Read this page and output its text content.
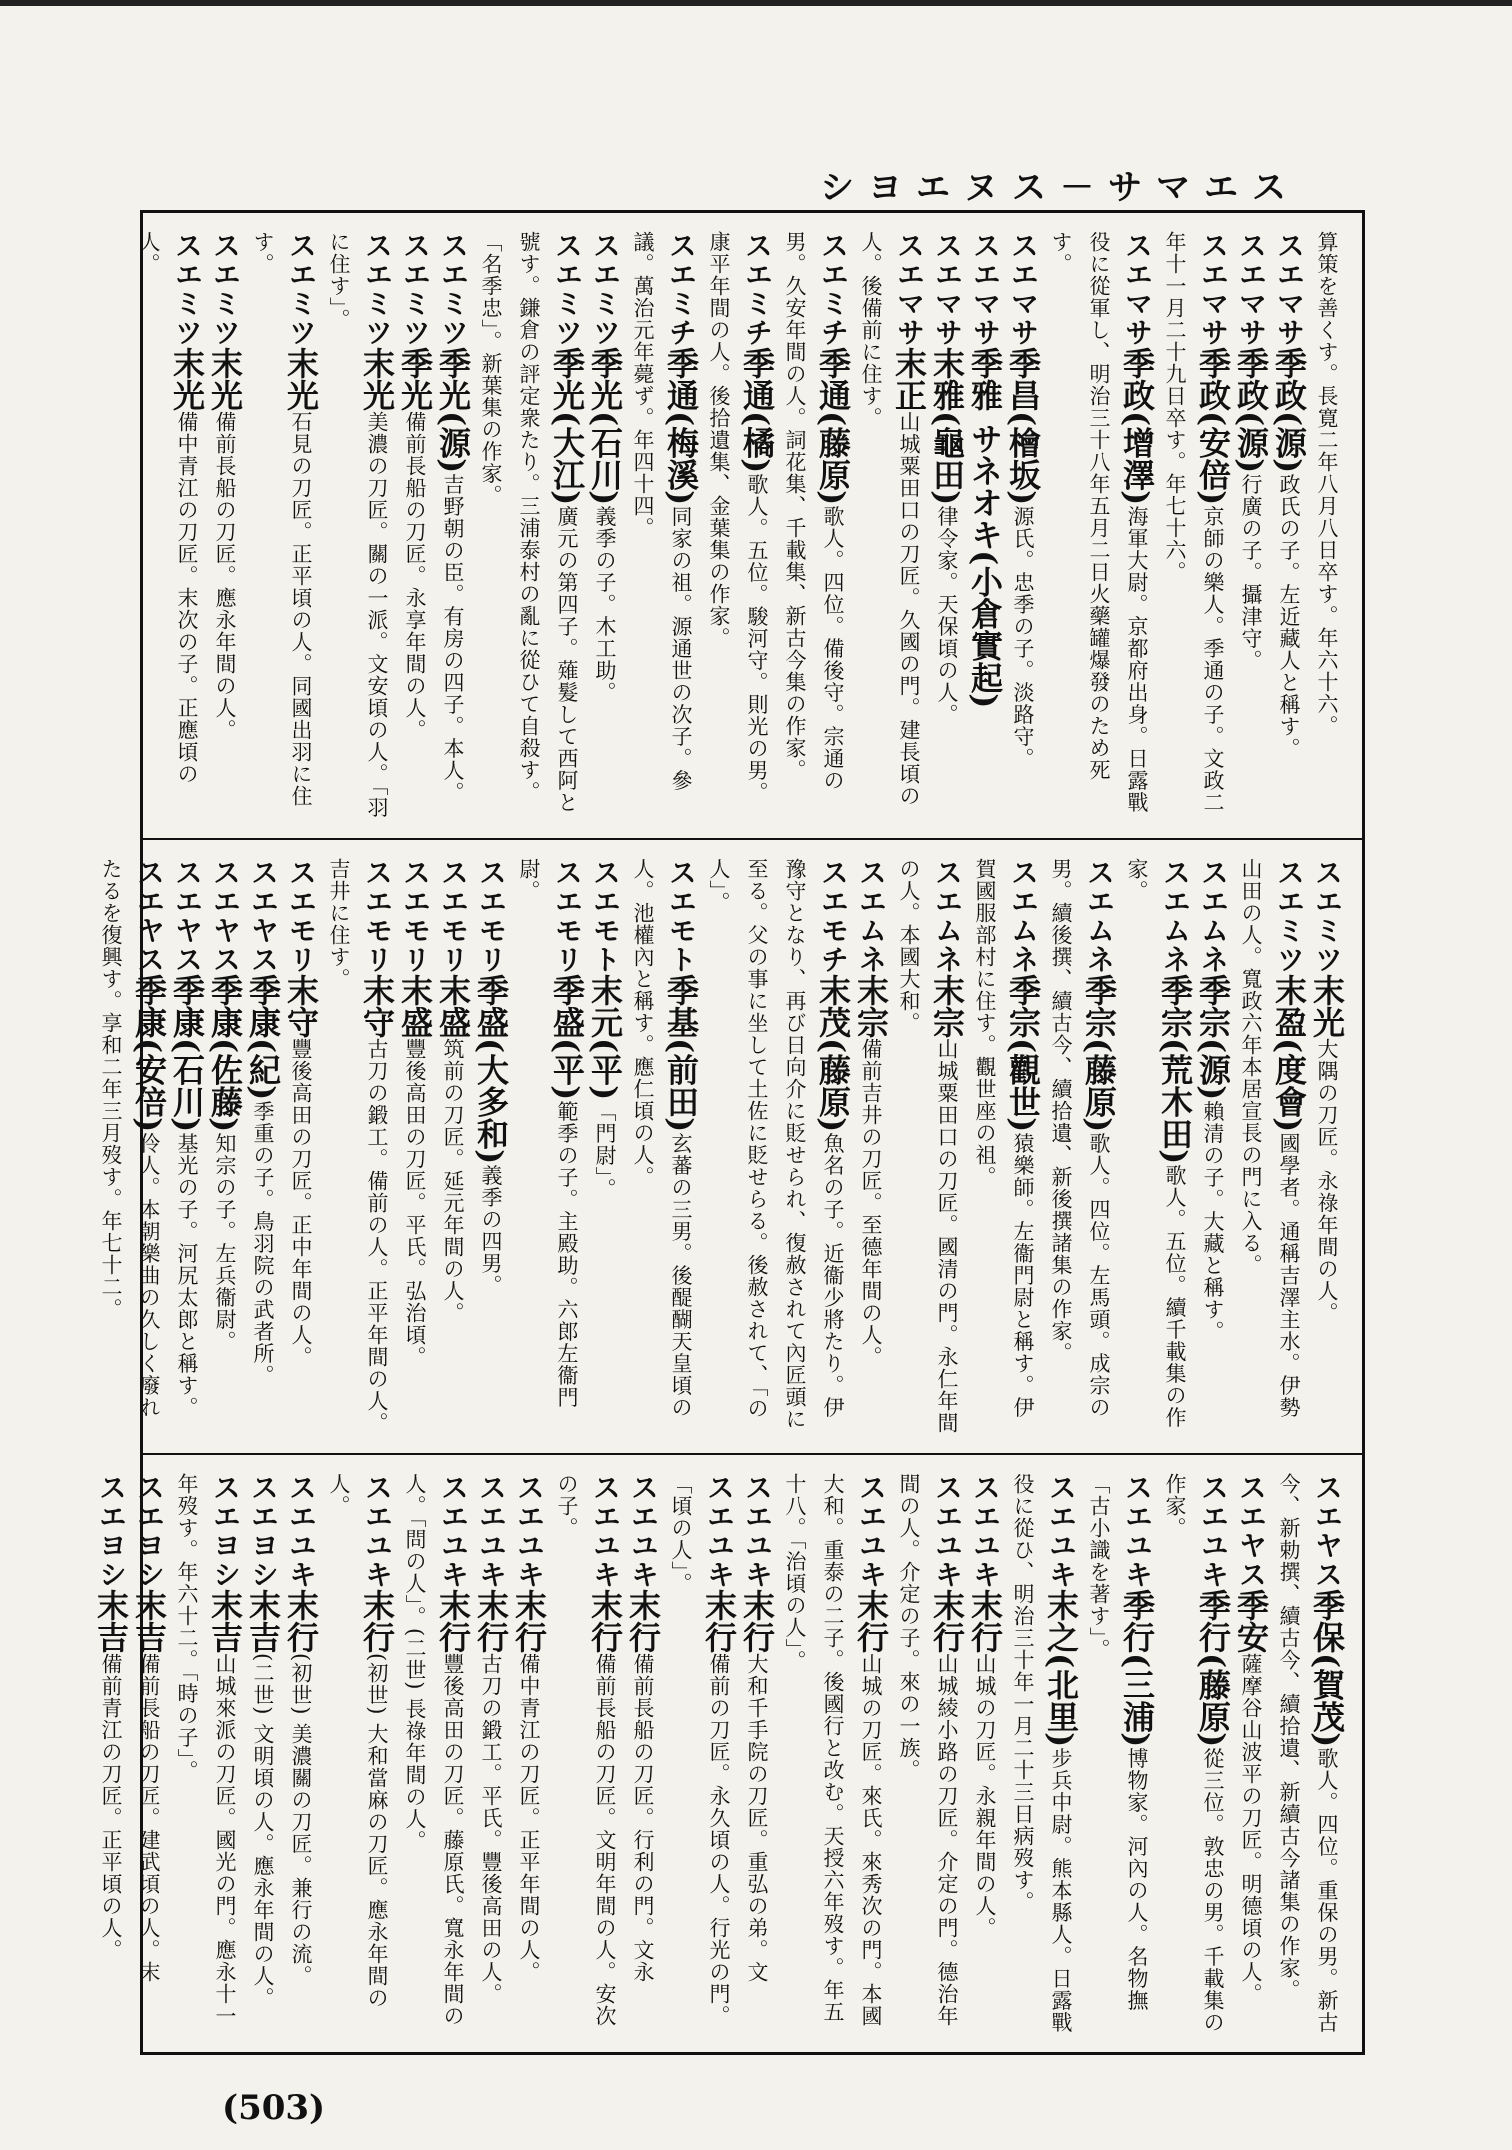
シヨエヌス－サマエス
算策を善くす。長寛二年八月八日卒す。年六十六。
スエマサ季政(源)政氏の子。左近藏人と稱す。
スエマサ季政(源)行廣の子。攝津守。
スエマサ季政(安倍)京師の樂人。季通の子。文政二年十一月二十九日卒す。年七十六。
スエマサ季政(增澤)海軍大尉。京都府出身。日露戰役に從軍し、明治三十八年五月二日火藥罐爆發のため死す。
スエマサ季昌(檜坂)源氏。忠季の子。淡路守。
スエマサ季雅 サネオキ(小倉實起)
スエマサ末雅(龜田)律令家。天保頃の人。
スエマサ末正山城粟田口の刀匠。久國の門。建長頃の人。後備前に住す。
スエミチ季通(藤原)歌人。四位。備後守。宗通の男。久安年間の人。詞花集、千載集、新古今集の作家。
スエミチ季通(橘)歌人。五位。駿河守。則光の男。康平年間の人。後拾遺集、金葉集の作家。
スエミチ季通(梅溪)同家の祖。源通世の次子。參議。萬治元年薨ず。年四十四。
スエミツ季光(石川)義季の子。木工助。
スエミツ季光(大江)廣元の第四子。薙髮して西阿と號す。鎌倉の評定衆たり。三浦泰村の亂に從ひて自殺す。「名季忠」。新葉集の作家。
スエミツ季光(源)吉野朝の臣。有房の四子。本人。
スエミツ季光備前長船の刀匠。永享年間の人。
スエミツ末光美濃の刀匠。關の一派。文安頃の人。「羽に住す」。
スエミツ末光石見の刀匠。正平頃の人。同國出羽に住す。
スエミツ末光備前長船の刀匠。應永年間の人。
スエミツ末光備中青江の刀匠。末次の子。正應頃の人。
スエミツ末光大隅の刀匠。永祿年間の人。
スエミツ末盈(度會)國學者。通稱吉澤主水。伊勢山田の人。寬政六年本居宣長の門に入る。
スエムネ季宗(源)賴清の子。大藏と稱す。
スエムネ季宗(荒木田)歌人。五位。續千載集の作家。
スエムネ季宗(藤原)歌人。四位。左馬頭。成宗の男。續後撰、續古今、續拾遺、新後撰諸集の作家。
スエムネ季宗(觀世)猿樂師。左衞門尉と稱す。伊賀國服部村に住す。觀世座の祖。
スエムネ末宗山城粟田口の刀匠。國清の門。永仁年間の人。本國大和。
スエムネ末宗備前吉井の刀匠。至德年間の人。
スエモチ末茂(藤原)魚名の子。近衞少將たり。伊豫守となり、再び日向介に貶せられ、復赦されて內匠頭に至る。父の事に坐して土佐に貶せらる。後赦されて、「の人」。
スエモト季基(前田)玄蕃の三男。後醍醐天皇頃の人。池權內と稱す。應仁頃の人。
スエモト末元(平)「門尉」。
スエモリ季盛(平)範季の子。主殿助。六郎左衞門尉。
スエモリ季盛(大多和)義季の四男。
スエモリ末盛筑前の刀匠。延元年間の人。
スエモリ末盛豐後高田の刀匠。平氏。弘治頃。
スエモリ末守古刀の鍛工。備前の人。正平年間の人。吉井に住す。
スエモリ末守豐後高田の刀匠。正中年間の人。
スエヤス季康(紀)季重の子。鳥羽院の武者所。
スエヤス季康(佐藤)知宗の子。左兵衞尉。
スエヤス季康(石川)基光の子。河尻太郎と稱す。
スエヤス季康(安倍)伶人。本朝樂曲の久しく廢れたるを復興す。享和二年三月歿す。年七十二。
スエヤス季保(賀茂)歌人。四位。重保の男。新古今、新勅撰、續古今、續拾遺、新續古今諸集の作家。
スエヤス季安薩摩谷山波平の刀匠。明德頃の人。
スエユキ季行(藤原)從三位。敦忠の男。千載集の作家。
スエユキ季行(三浦)博物家。河內の人。名物撫「古小識を著す」。
スエユキ末之(北里)步兵中尉。熊本縣人。日露戰役に從ひ、明治三十年一月二十三日病歿す。
スエユキ末行山城の刀匠。永親年間の人。
スエユキ末行山城綾小路の刀匠。介定の門。德治年間の人。介定の子。來の一族。
スエユキ末行山城の刀匠。來氏。來秀次の門。本國大和。重泰の二子。後國行と改む。天授六年歿す。年五十八。「治頃の人」。
スエユキ末行大和千手院の刀匠。重弘の弟。文
スエユキ末行備前の刀匠。永久頃の人。行光の門。「頃の人」。
スエユキ末行備前長船の刀匠。行利の門。文永
スエユキ末行備前長船の刀匠。文明年間の人。安次の子。
スエユキ末行備中青江の刀匠。正平年間の人。
スエユキ末行古刀の鍛工。平氏。豐後高田の人。
スエユキ末行豐後高田の刀匠。藤原氏。寬永年間の人。「問の人」。(二世) 長祿年間の人。
スエユキ末行(初世) 大和當麻の刀匠。應永年間の人。
スエユキ末行(初世) 美濃關の刀匠。兼行の流。
スエヨシ末吉(二世) 文明頃の人。應永年間の人。
スエヨシ末吉山城來派の刀匠。國光の門。應永十一年歿す。年六十二。「時の子」。
スエヨシ末吉備前長船の刀匠。建武頃の人。末
スエヨシ末吉備前青江の刀匠。正平頃の人。
(503)
